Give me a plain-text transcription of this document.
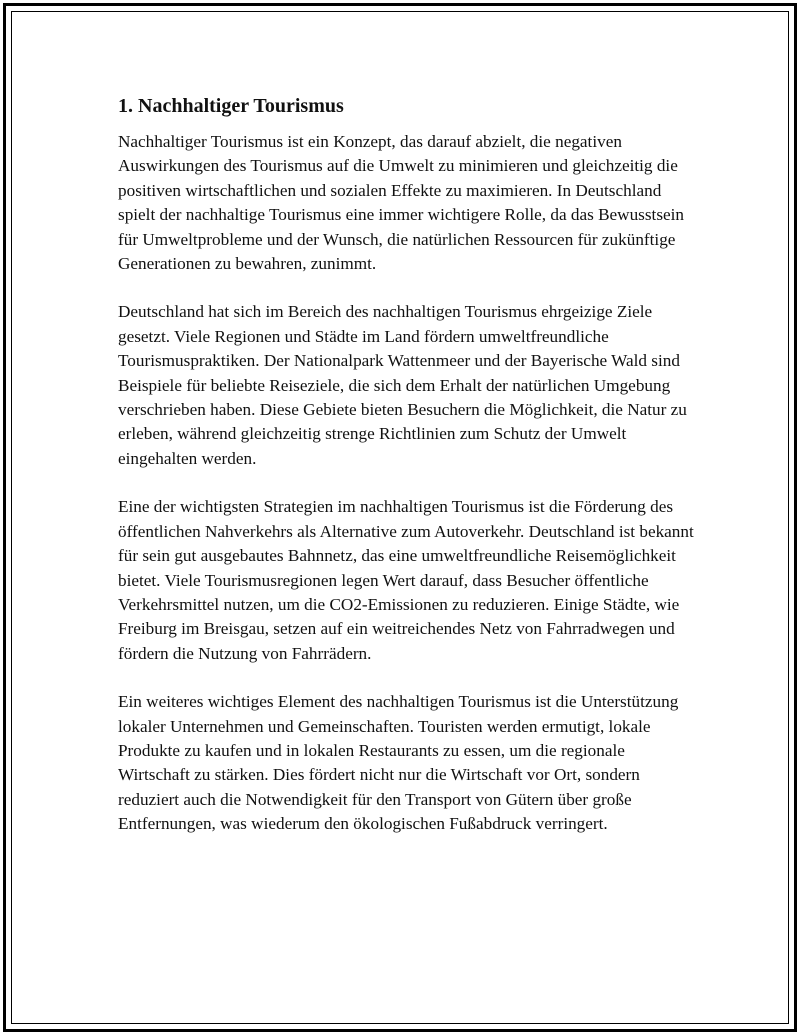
1. Nachhaltiger Tourismus

Nachhaltiger Tourismus ist ein Konzept, das darauf abzielt, die negativen Auswirkungen des Tourismus auf die Umwelt zu minimieren und gleichzeitig die positiven wirtschaftlichen und sozialen Effekte zu maximieren. In Deutschland spielt der nachhaltige Tourismus eine immer wichtigere Rolle, da das Bewusstsein für Umweltprobleme und der Wunsch, die natürlichen Ressourcen für zukünftige Generationen zu bewahren, zunimmt.

Deutschland hat sich im Bereich des nachhaltigen Tourismus ehrgeizige Ziele gesetzt. Viele Regionen und Städte im Land fördern umweltfreundliche Tourismuspraktiken. Der Nationalpark Wattenmeer und der Bayerische Wald sind Beispiele für beliebte Reiseziele, die sich dem Erhalt der natürlichen Umgebung verschrieben haben. Diese Gebiete bieten Besuchern die Möglichkeit, die Natur zu erleben, während gleichzeitig strenge Richtlinien zum Schutz der Umwelt eingehalten werden.

Eine der wichtigsten Strategien im nachhaltigen Tourismus ist die Förderung des öffentlichen Nahverkehrs als Alternative zum Autoverkehr. Deutschland ist bekannt für sein gut ausgebautes Bahnnetz, das eine umweltfreundliche Reisemöglichkeit bietet. Viele Tourismusregionen legen Wert darauf, dass Besucher öffentliche Verkehrsmittel nutzen, um die CO2-Emissionen zu reduzieren. Einige Städte, wie Freiburg im Breisgau, setzen auf ein weitreichendes Netz von Fahrradwegen und fördern die Nutzung von Fahrrädern.

Ein weiteres wichtiges Element des nachhaltigen Tourismus ist die Unterstützung lokaler Unternehmen und Gemeinschaften. Touristen werden ermutigt, lokale Produkte zu kaufen und in lokalen Restaurants zu essen, um die regionale Wirtschaft zu stärken. Dies fördert nicht nur die Wirtschaft vor Ort, sondern reduziert auch die Notwendigkeit für den Transport von Gütern über große Entfernungen, was wiederum den ökologischen Fußabdruck verringert.
